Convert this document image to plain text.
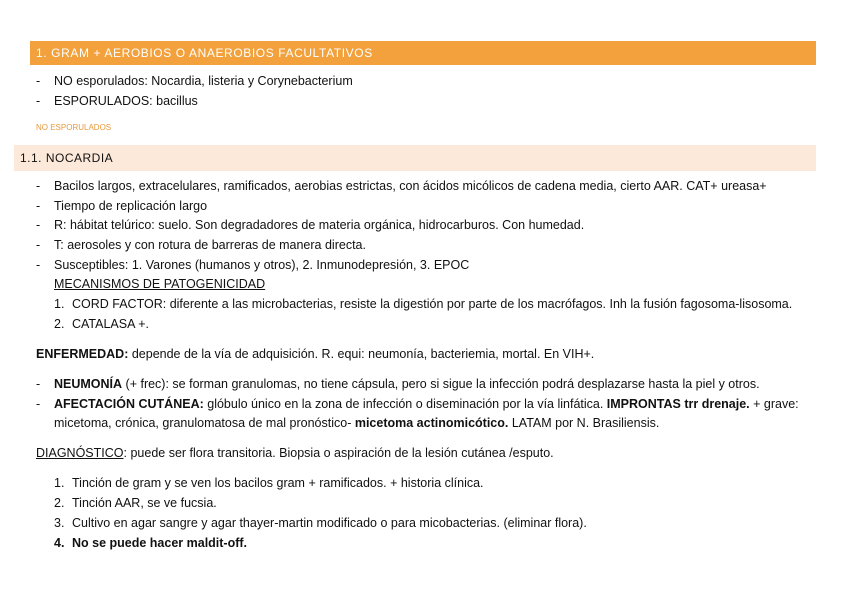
1. GRAM + AEROBIOS O ANAEROBIOS FACULTATIVOS
- NO esporulados: Nocardia, listeria y Corynebacterium
- ESPORULADOS: bacillus
NO ESPORULADOS
1.1. NOCARDIA
- Bacilos largos, extracelulares, ramificados, aerobias estrictas, con ácidos micólicos de cadena media, cierto AAR. CAT+ ureasa+
- Tiempo de replicación largo
- R: hábitat telúrico: suelo. Son degradadores de materia orgánica, hidrocarburos. Con humedad.
- T: aerosoles y con rotura de barreras de manera directa.
- Susceptibles: 1. Varones (humanos y otros), 2. Inmunodepresión, 3. EPOC
MECANISMOS DE PATOGENICIDAD
1. CORD FACTOR: diferente a las microbacterias, resiste la digestión por parte de los macrófagos. Inh la fusión fagosoma-lisosoma.
2. CATALASA +.
ENFERMEDAD: depende de la vía de adquisición. R. equi: neumonía, bacteriemia, mortal. En VIH+.
- NEUMONÍA (+ frec): se forman granulomas, no tiene cápsula, pero si sigue la infección podrá desplazarse hasta la piel y otros.
- AFECTACIÓN CUTÁNEA: glóbulo único en la zona de infección o diseminación por la vía linfática. IMPRONTAS trr drenaje. + grave:
micetoma, crónica, granulomatosa de mal pronóstico- micetoma actinomicótico. LATAM por N. Brasiliensis.
DIAGNÓSTICO: puede ser flora transitoria. Biopsia o aspiración de la lesión cutánea /esputo.
1. Tinción de gram y se ven los bacilos gram + ramificados. + historia clínica.
2. Tinción AAR, se ve fucsia.
3. Cultivo en agar sangre y agar thayer-martin modificado o para micobacterias. (eliminar flora).
4. No se puede hacer maldit-off.
